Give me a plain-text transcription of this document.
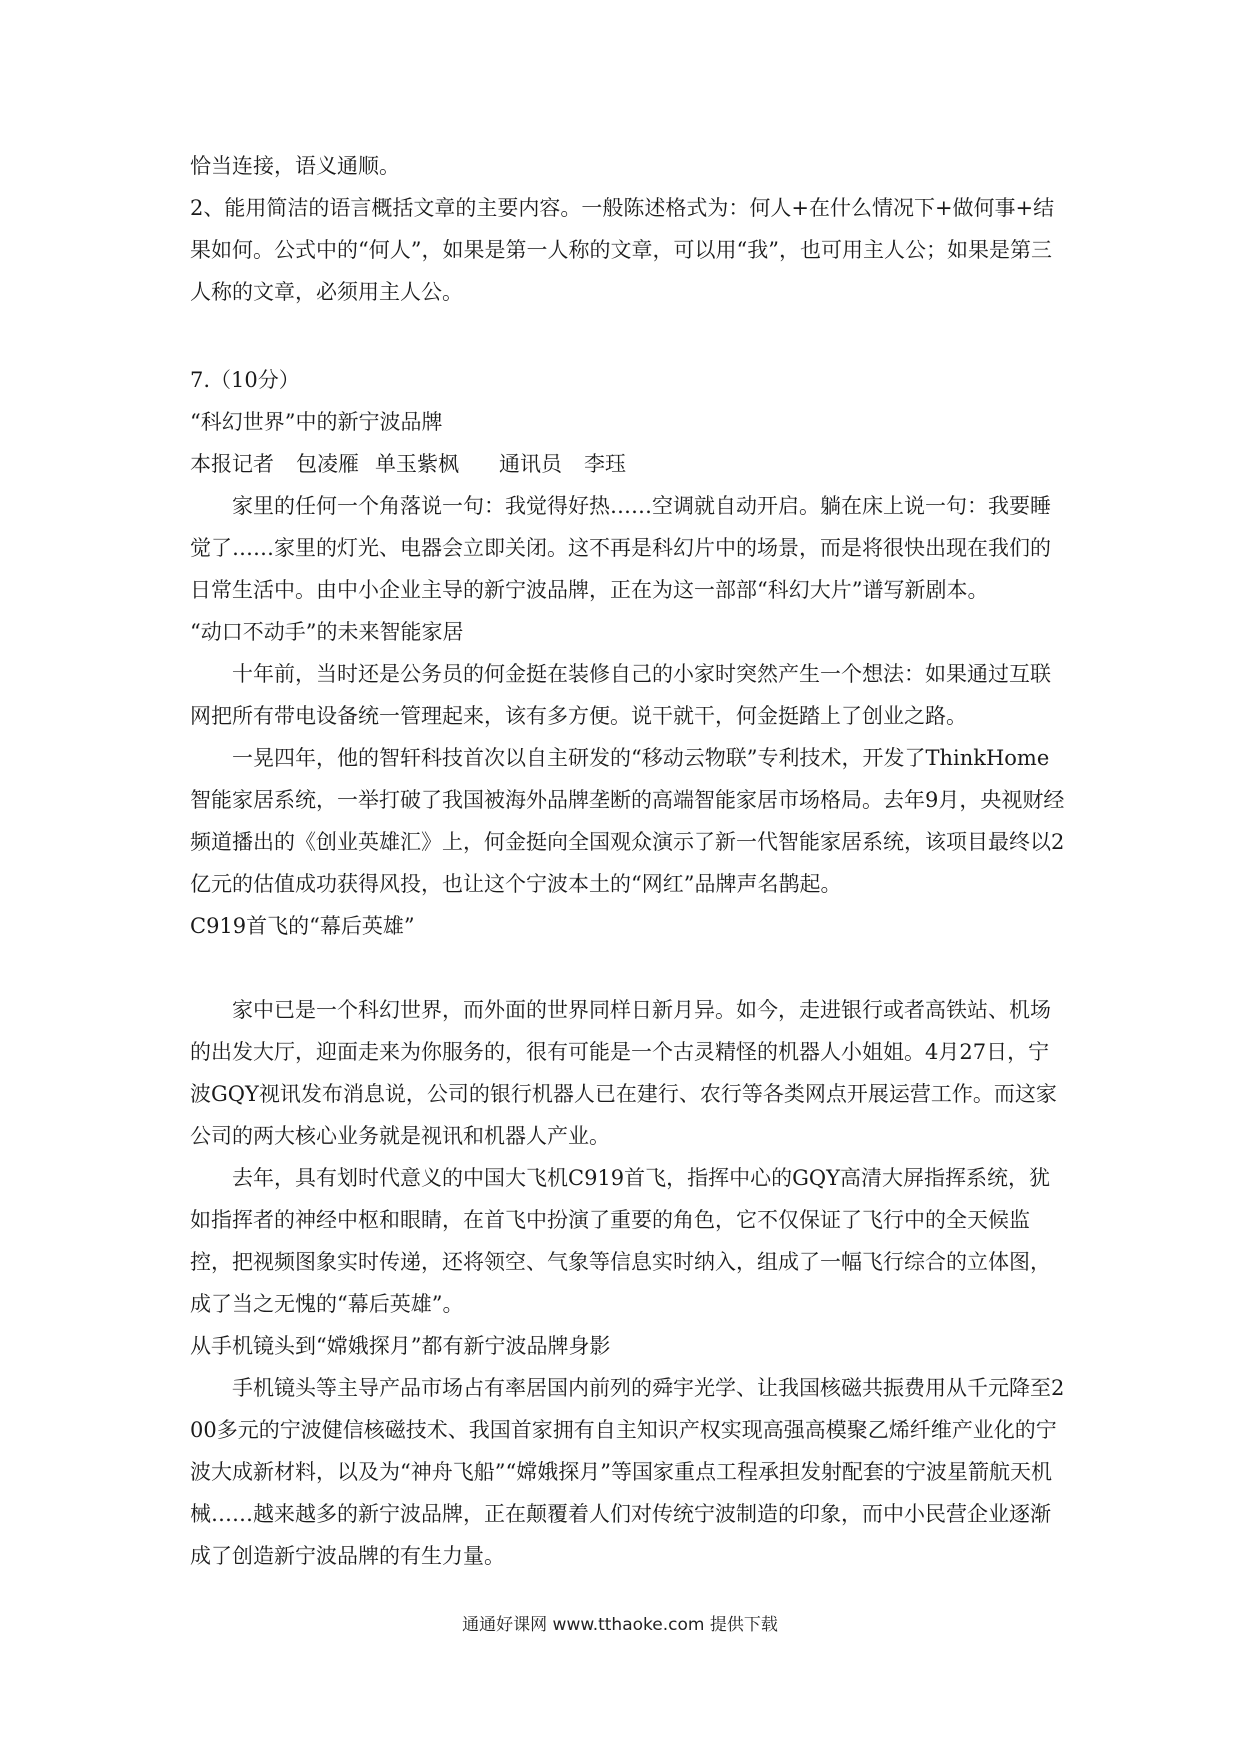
恰当连接，语义通顺。

2、能用简洁的语言概括文章的主要内容。一般陈述格式为：何人+在什么情况下+做何事+结果如何。公式中的“何人”，如果是第一人称的文章，可以用“我”，也可用主人公；如果是第三人称的文章，必须用主人公。

7.（10分）

“科幻世界”中的新宁波品牌

本报记者 包凌雁 单玉紫枫 通讯员 李珏

家里的任何一个角落说一句：我觉得好热……空调就自动开启。躺在床上说一句：我要睡觉了……家里的灯光、电器会立即关闭。这不再是科幻片中的场景，而是将很快出现在我们的日常生活中。由中小企业主导的新宁波品牌，正在为这一部部“科幻大片”谱写新剧本。

“动口不动手”的未来智能家居

十年前，当时还是公务员的何金挺在装修自己的小家时突然产生一个想法：如果通过互联网把所有带电设备统一管理起来，该有多方便。说干就干，何金挺踏上了创业之路。

一晃四年，他的智轩科技首次以自主研发的“移动云物联”专利技术，开发了ThinkHome智能家居系统，一举打破了我国被海外品牌垄断的高端智能家居市场格局。去年9月，央视财经频道播出的《创业英雄汇》上，何金挺向全国观众演示了新一代智能家居系统，该项目最终以2亿元的估值成功获得风投，也让这个宁波本土的“网红”品牌声名鹊起。

C919首飞的“幕后英雄”

家中已是一个科幻世界，而外面的世界同样日新月异。如今，走进银行或者高铁站、机场的出发大厅，迎面走来为你服务的，很有可能是一个古灵精怪的机器人小姐姐。4月27日，宁波GQY视讯发布消息说，公司的银行机器人已在建行、农行等各类网点开展运营工作。而这家公司的两大核心业务就是视讯和机器人产业。

去年，具有划时代意义的中国大飞机C919首飞，指挥中心的GQY高清大屏指挥系统，犹如指挥者的神经中枢和眼睛，在首飞中扮演了重要的角色，它不仅保证了飞行中的全天候监控，把视频图象实时传递，还将领空、气象等信息实时纳入，组成了一幅飞行综合的立体图，成了当之无愧的“幕后英雄”。

从手机镜头到“嫦娥探月”都有新宁波品牌身影

手机镜头等主导产品市场占有率居国内前列的舜宇光学、让我国核磁共振费用从千元降至200多元的宁波健信核磁技术、我国首家拥有自主知识产权实现高强高模聚乙烯纤维产业化的宁波大成新材料，以及为“神舟飞船”“嫦娥探月”等国家重点工程承担发射配套的宁波星箭航天机械……越来越多的新宁波品牌，正在颠覆着人们对传统宁波制造的印象，而中小民营企业逐渐成了创造新宁波品牌的有生力量。

通通好课网 www.tthaoke.com 提供下载
